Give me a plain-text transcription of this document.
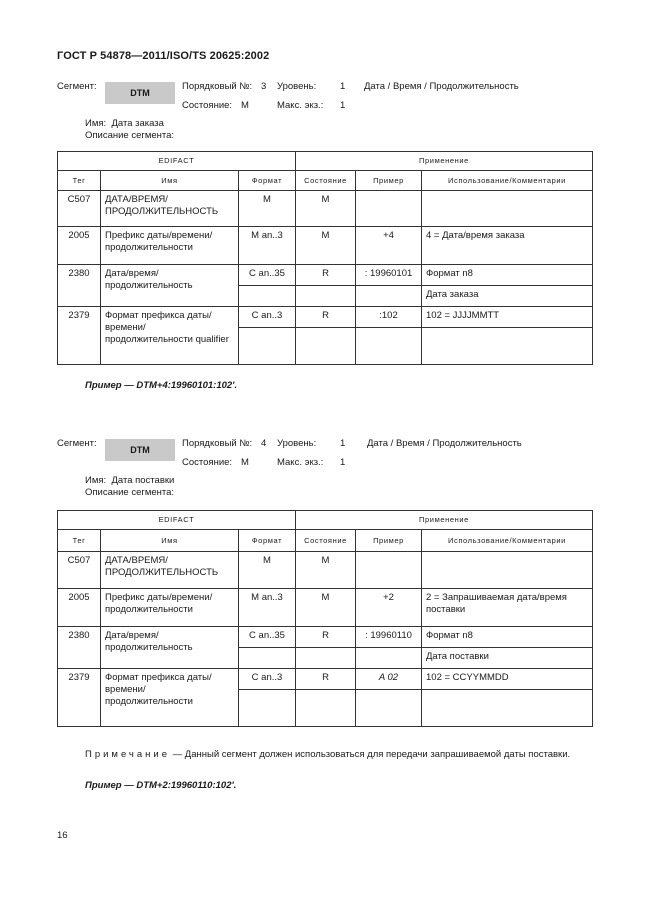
ГОСТ Р 54878—2011/ISO/TS 20625:2002
Сегмент:
DTM
Порядковый №: 3 Уровень:	1 Дата / Время / Продолжительность
Состояние: M	Макс. экз.: 1
Имя: Дата заказа
Описание сегмента:
EDIFACT			Применение		
Тег	Имя	Формат	Состояние	Пример	Использование/Комментарии
C507	ДАТА/ВРЕМЯ/ ПРОДОЛЖИТЕЛЬНОСТЬ	M	M		
2005	Префикс даты/времени/ продолжительности	M an..3	M	+4	4 = Дата/время заказа
2380	Дата/время/ продолжительность	C an..35	R	: 19960101	Формат n8
					Дата заказа
2379	Формат префикса даты/времени/ продолжительности qualifier	C an..3	R	:102	102 = JJJJMMTT

Пример — DTM+4:19960101:102'.
Сегмент:
DTM
Порядковый №: 4 Уровень:	1 Дата / Время / Продолжительность
Состояние: M	Макс. экз.: 1
Имя: Дата поставки
Описание сегмента:
EDIFACT			Применение		
Тег	Имя	Формат	Состояние	Пример	Использование/Комментарии
C507	ДАТА/ВРЕМЯ/ ПРОДОЛЖИТЕЛЬНОСТЬ	M	M		
2005	Префикс даты/времени/ продолжительности	M an..3	M	+2	2 = Запрашиваемая дата/время поставки
2380	Дата/время/ продолжительность	C an..35	R	: 19960110	Формат n8
					Дата поставки
2379	Формат префикса даты/времени/ продолжительности	C an..3	R	A 02	102 = CCYYMMDD

Примечание — Данный сегмент должен использоваться для передачи запрашиваемой даты поставки.
Пример — DTM+2:19960110:102'.
16
